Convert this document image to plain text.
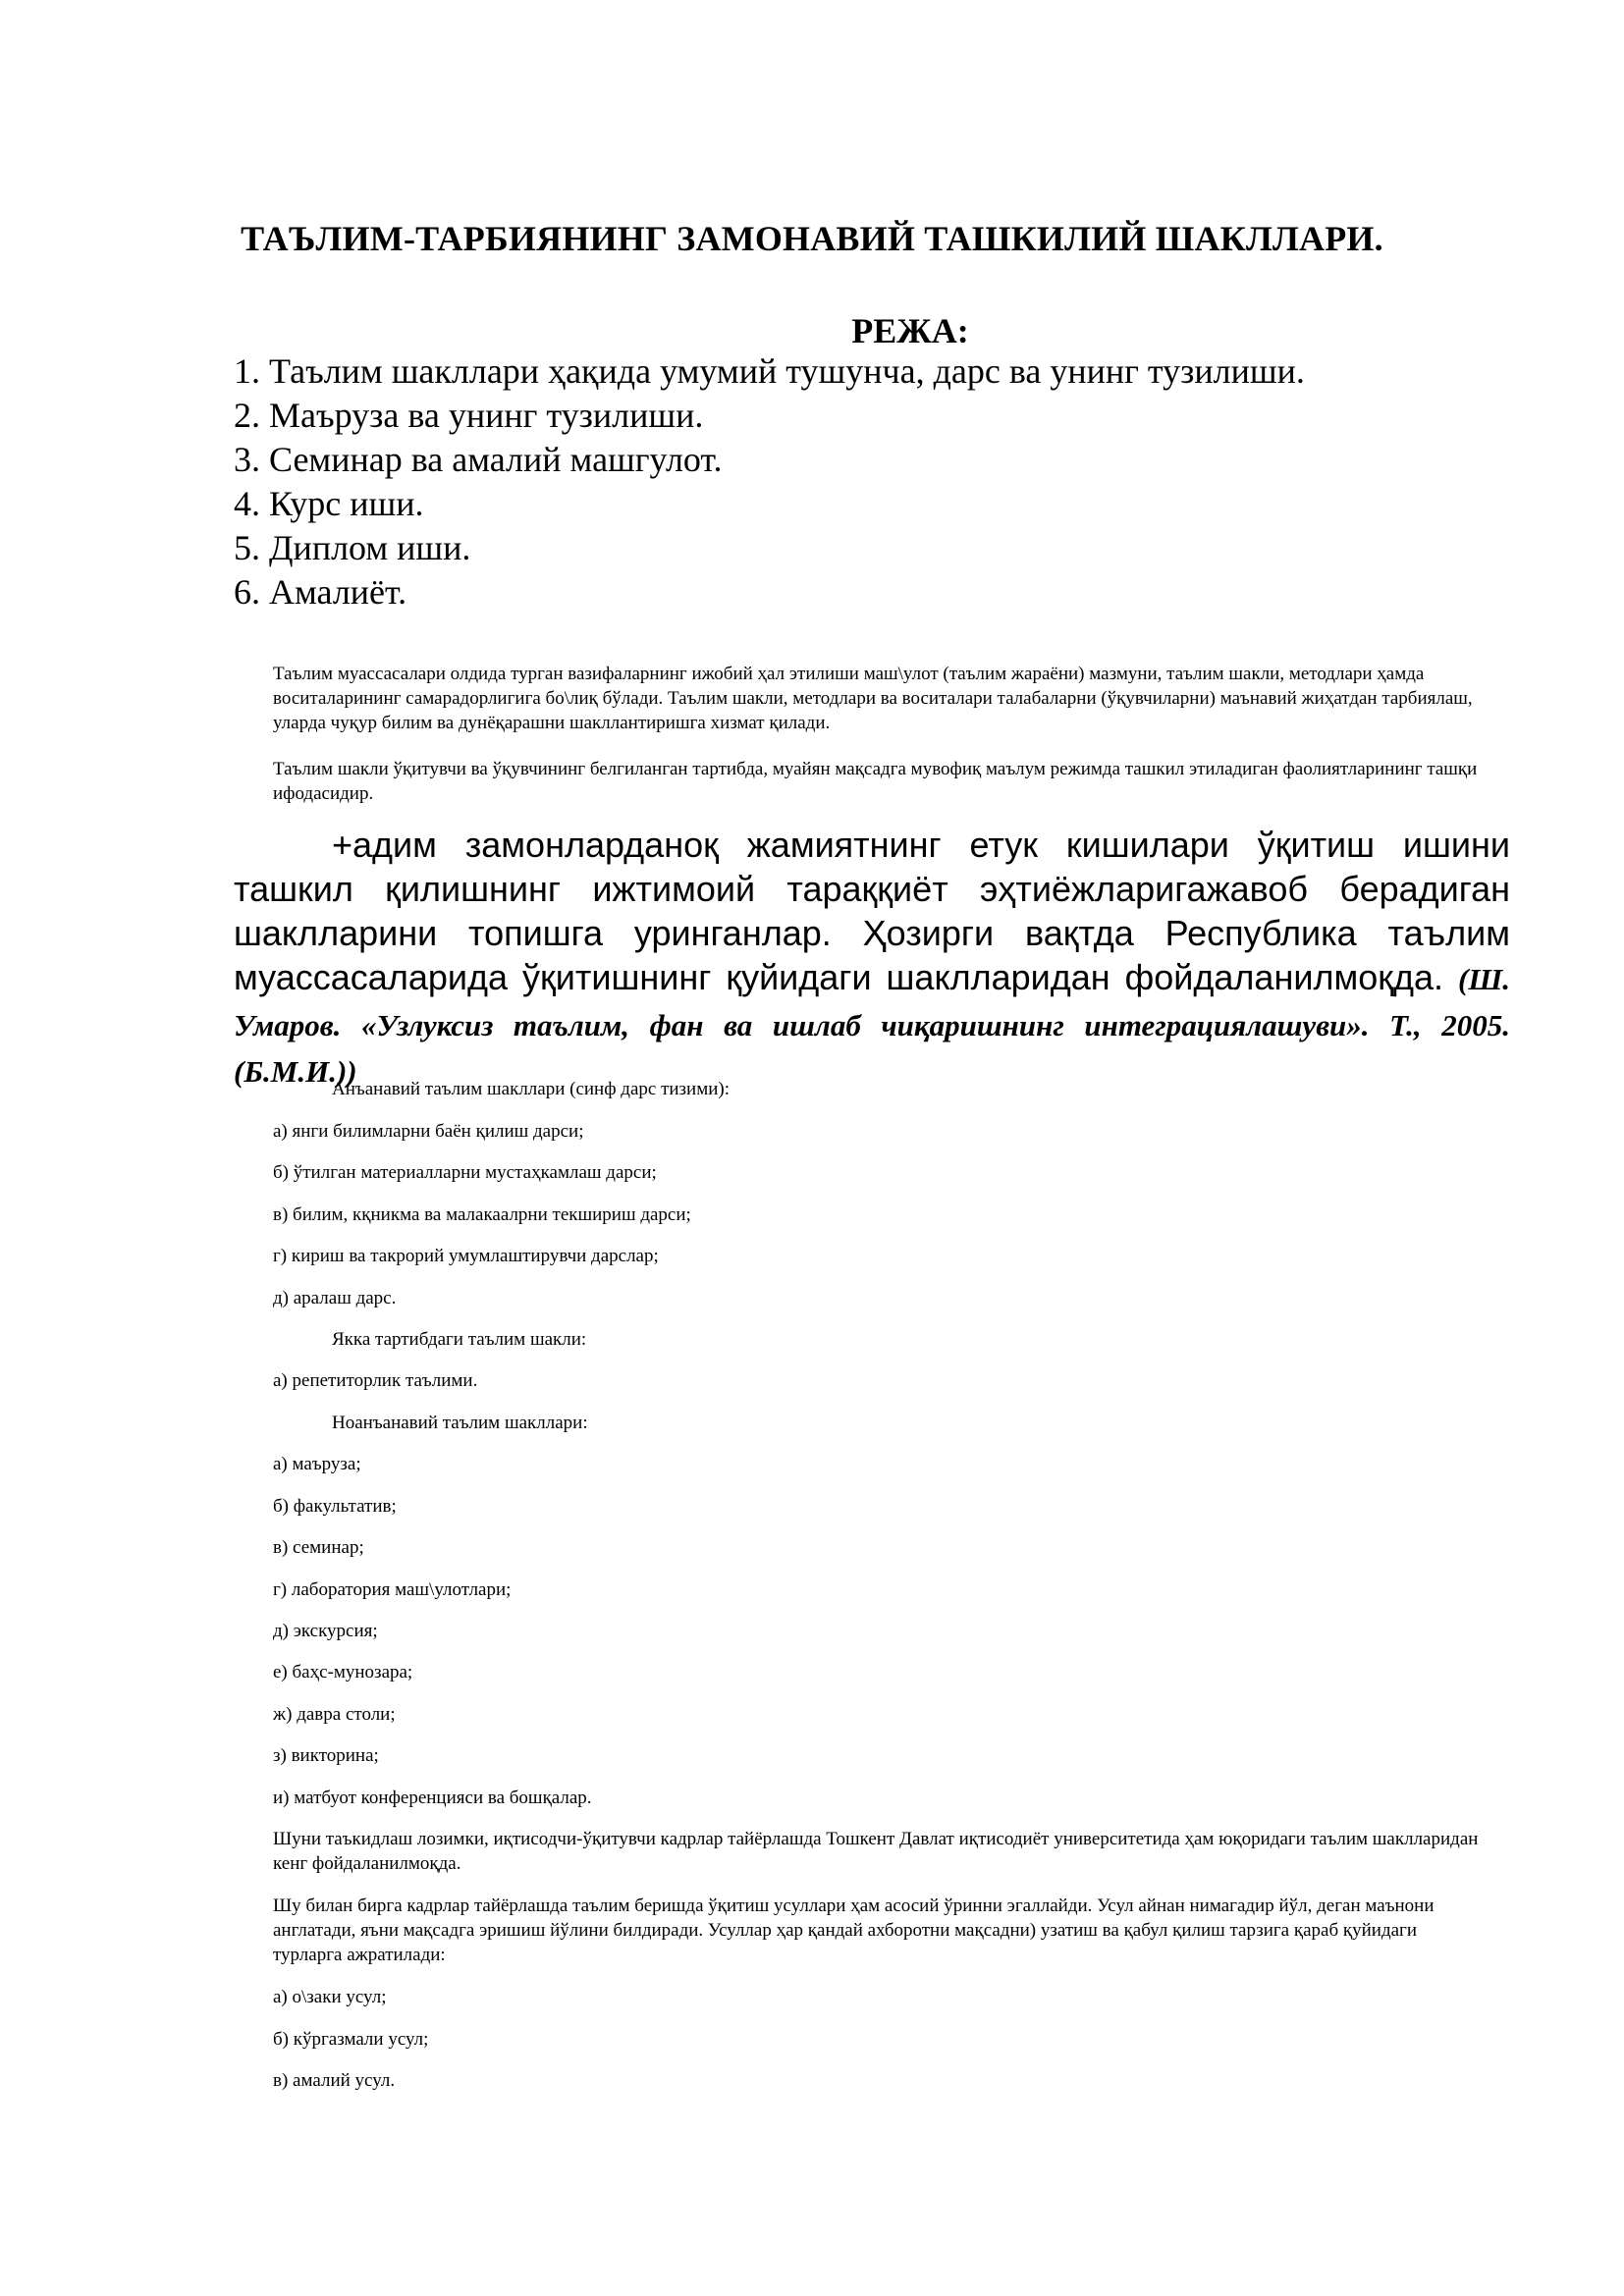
ТАЪЛИМ-ТАРБИЯНИНГ ЗАМОНАВИЙ ТАШКИЛИЙ ШАКЛЛАРИ.
РЕЖА:
1. Таълим шакллари ҳақида умумий тушунча, дарс ва унинг тузилиши.
2. Маъруза ва унинг тузилиши.
3. Семинар ва амалий машгулот.
4. Курс иши.
5. Диплом иши.
6. Амалиёт.

Таълим муассасалари олдида турган вазифаларнинг ижобий ҳал этилиши маш\улот (таълим жараёни) мазмуни, таълим шакли, методлари ҳамда воситаларининг самарадорлигига бо\лиқ бўлади. Таълим шакли, методлари ва воситалари талабаларни (ўқувчиларни) маънавий жиҳатдан тарбиялаш, уларда чуқур билим ва дунёқарашни шакллантиришга хизмат қилади.

Таълим шакли ўқитувчи ва ўқувчининг белгиланган тартибда, муайян мақсадга мувофиқ маълум режимда ташкил этиладиган фаолиятларининг ташқи ифодасидир.

+адим замонларданоқ жамиятнинг етук кишилари ўқитиш ишини ташкил қилишнинг ижтимоий тараққиёт эҳтиёжларигажавоб берадиган шаклларини топишга уринганлар. Ҳозирги вақтда Республика таълим муассасаларида ўқитишнинг қуйидаги шаклларидан фойдаланилмоқда. (Ш. Умаров. «Узлуксиз таълим, фан ва ишлаб чиқаришнинг интеграциялашуви». Т., 2005. (Б.М.И.))

Анъанавий таълим шакллари (синф дарс тизими):

а) янги билимларни баён қилиш дарси;

б) ўтилган материалларни мустаҳкамлаш дарси;

в) билим, кқникма ва малакаалрни текшириш дарси;

г) кириш ва такрорий умумлаштирувчи дарслар;

д) аралаш дарс.

Якка тартибдаги таълим шакли:

а) репетиторлик таълими.

Ноанъанавий таълим шакллари:

а) маъруза;

б) факультатив;

в) семинар;

г) лаборатория маш\улотлари;

д) экскурсия;

е) баҳс-мунозара;

ж) давра столи;

з) викторина;

и) матбуот конференцияси ва бошқалар.

Шуни таъкидлаш лозимки, иқтисодчи-ўқитувчи кадрлар тайёрлашда Тошкент Давлат иқтисодиёт университетида ҳам юқоридаги таълим шаклларидан кенг фойдаланилмоқда.

Шу билан бирга кадрлар тайёрлашда таълим беришда ўқитиш усуллари ҳам асосий ўринни эгаллайди. Усул айнан нимагадир йўл, деган маънони англатади, яъни мақсадга эришиш йўлини билдиради. Усуллар ҳар қандай ахборотни мақсадни) узатиш ва қабул қилиш тарзига қараб қуйидаги турларга ажратилади:

а) о\заки усул;

б) кўргазмали усул;

в) амалий усул.
